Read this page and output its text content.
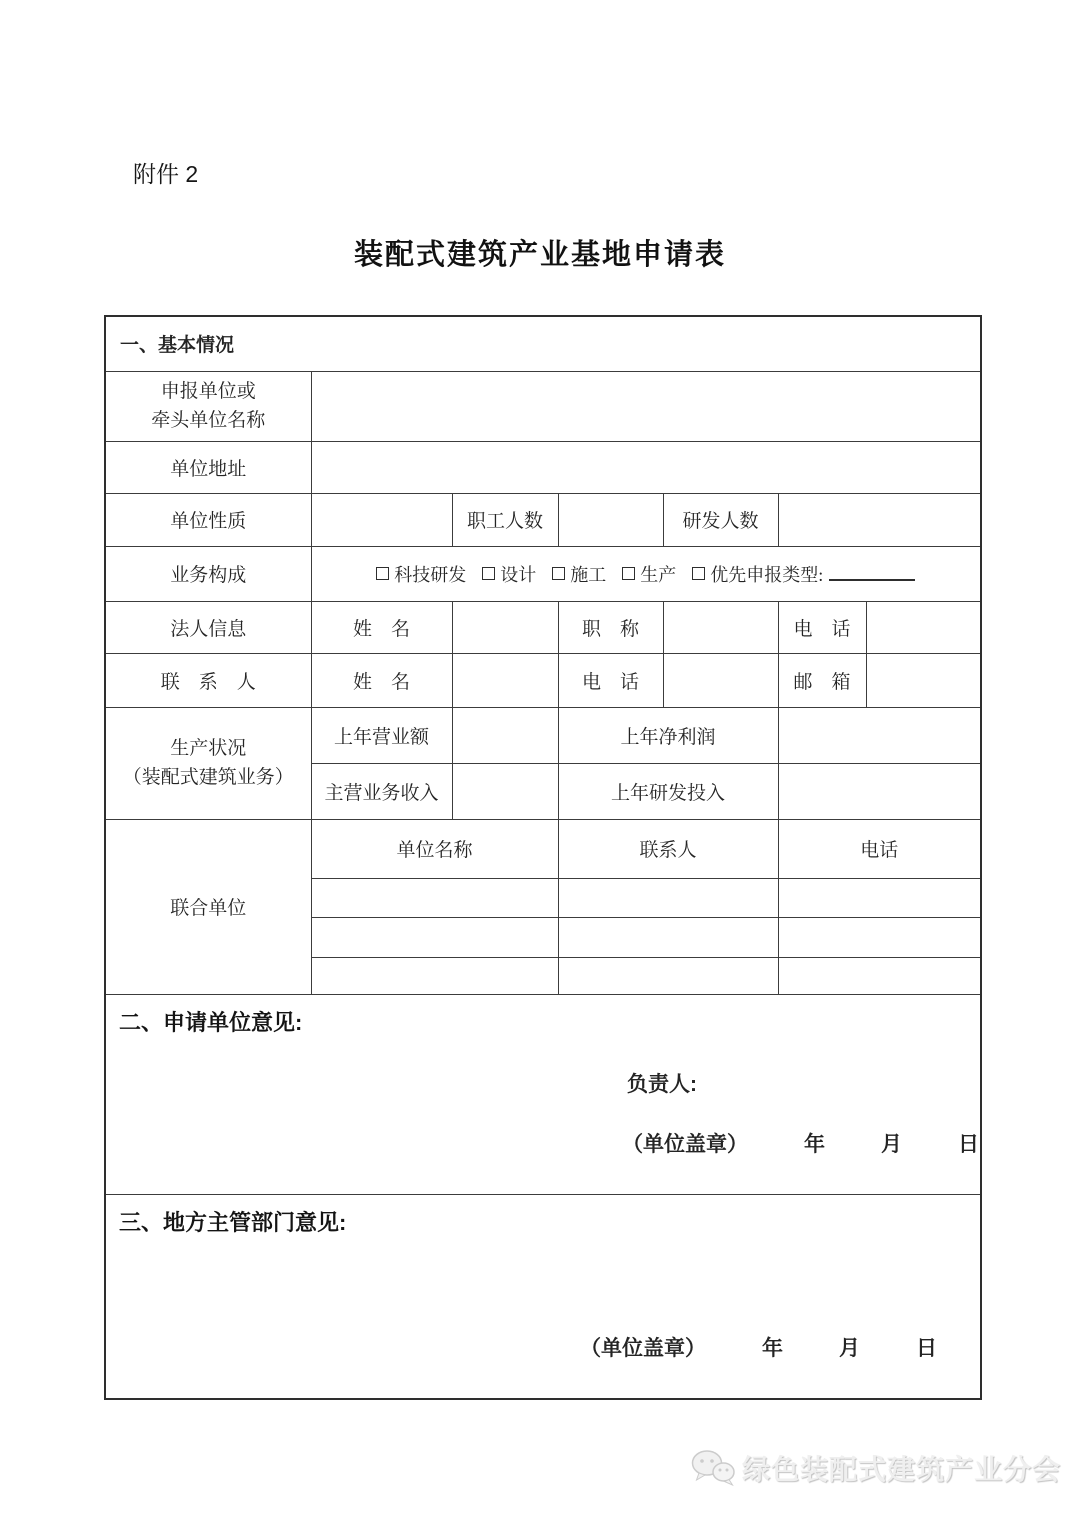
附件 2
装配式建筑产业基地申请表
一、基本情况						

申报单位或
牵头单位名称						

单位地址						
单位性质		职工人数		研发人数		
业务构成	科技研发 设计 施工 生产 优先申报类型:					

法人信息	姓　名		职　称		电　话	
联　系　人	姓　名		电　话		邮　箱	

生产状况
（装配式建筑业务）	上年营业额		上年净利润			
	主营业务收入		上年研发投入			
联合单位	单位名称		联系人		电话	

二、申请单位意见:
负责人:
（单位盖章）	年	月	日

三、地方主管部门意见:
（单位盖章） 年 月 日						
绿色装配式建筑产业分会
